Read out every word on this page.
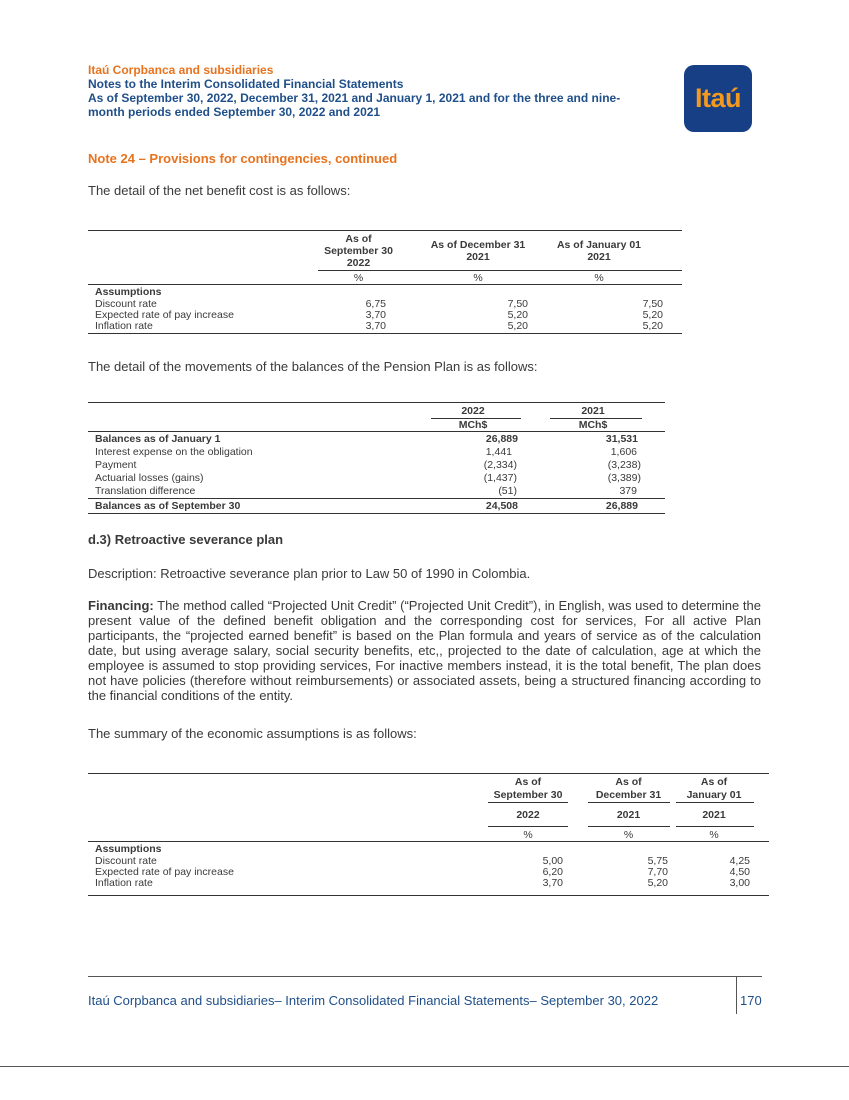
Itaú Corpbanca and subsidiaries
Notes to the Interim Consolidated Financial Statements
As of September 30, 2022, December 31, 2021 and January 1, 2021 and for the three and nine-
month periods ended September 30, 2022 and 2021	Itaú
Note 24 – Provisions for contingencies, continued
The detail of the net benefit cost is as follows:
As of
September 30
2022
As of December 31
2021
As of January 01
2021
%	%	%
Assumptions
Discount rate	6,75	7,50	7,50
Expected rate of pay increase	3,70	5,20	5,20
Inflation rate	3,70	5,20	5,20
The detail of the movements of the balances of the Pension Plan is as follows:
2022
MCh$
2021
MCh$
Balances as of January 1	26,889	31,531
Interest expense on the obligation	1,441	1,606
Payment	(2,334)	(3,238)
Actuarial losses (gains)	(1,437)	(3,389)
Translation difference	(51)	379
Balances as of September 30	24,508	26,889
d.3) Retroactive severance plan
Description: Retroactive severance plan prior to Law 50 of 1990 in Colombia.
Financing: The method called “Projected Unit Credit” (“Projected Unit Credit”), in English, was used to determine the present value of the defined benefit obligation and the corresponding cost for services, For all active Plan participants, the “projected earned benefit” is based on the Plan formula and years of service as of the calculation date, but using average salary, social security benefits, etc,, projected to the date of calculation, age at which the employee is assumed to stop providing services, For inactive members instead, it is the total benefit, The plan does not have policies (therefore without reimbursements) or associated assets, being a structured financing according to the financial conditions of the entity.
The summary of the economic assumptions is as follows:
As of
September 30
2022
%
As of
December 31
2021
%
As of
January 01
2021
%
Assumptions
Discount rate	5,00	5,75	4,25
Expected rate of pay increase	6,20	7,70	4,50
Inflation rate	3,70	5,20	3,00
Itaú Corpbanca and subsidiaries– Interim Consolidated Financial Statements– September 30, 2022	170
